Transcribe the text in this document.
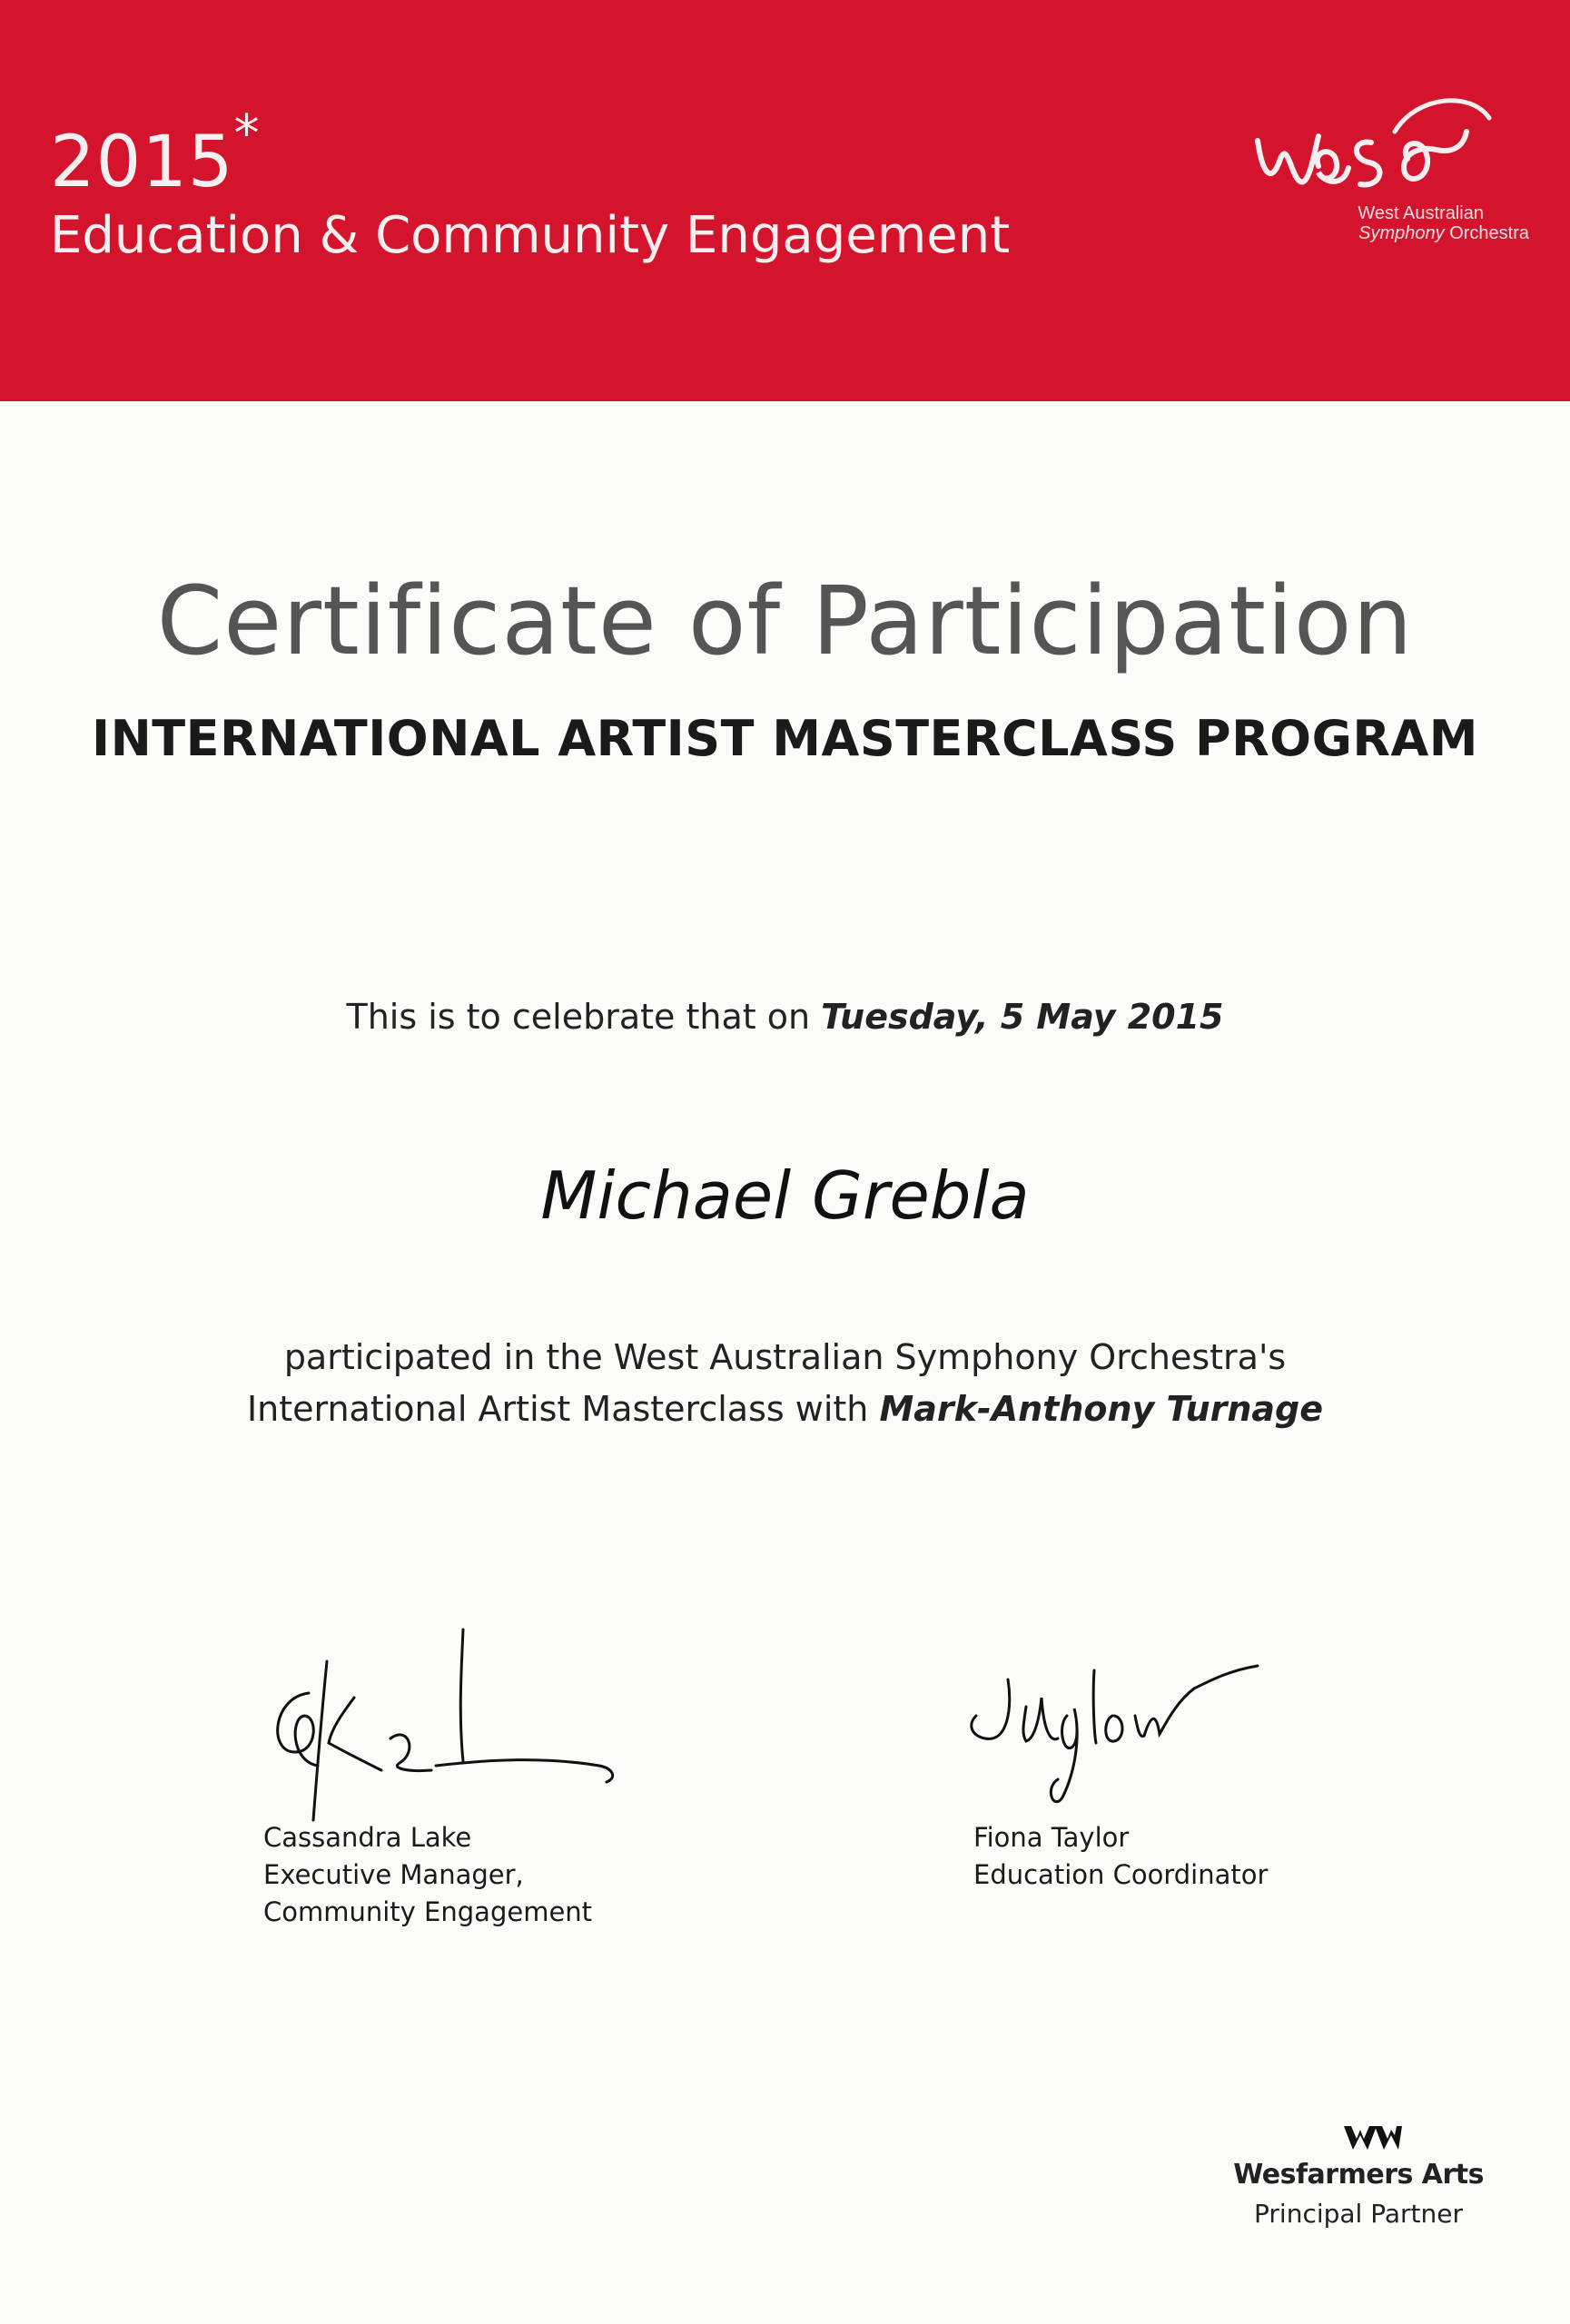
2015*
Education & Community Engagement	West Australian
Symphony Orchestra
Certificate of Participation
INTERNATIONAL ARTIST MASTERCLASS PROGRAM
This is to celebrate that on Tuesday, 5 May 2015
Michael Grebla
participated in the West Australian Symphony Orchestra's
International Artist Masterclass with Mark-Anthony Turnage
Cassandra Lake
Executive Manager,
Community Engagement
Fiona Taylor
Education Coordinator
Wesfarmers Arts
Principal Partner
